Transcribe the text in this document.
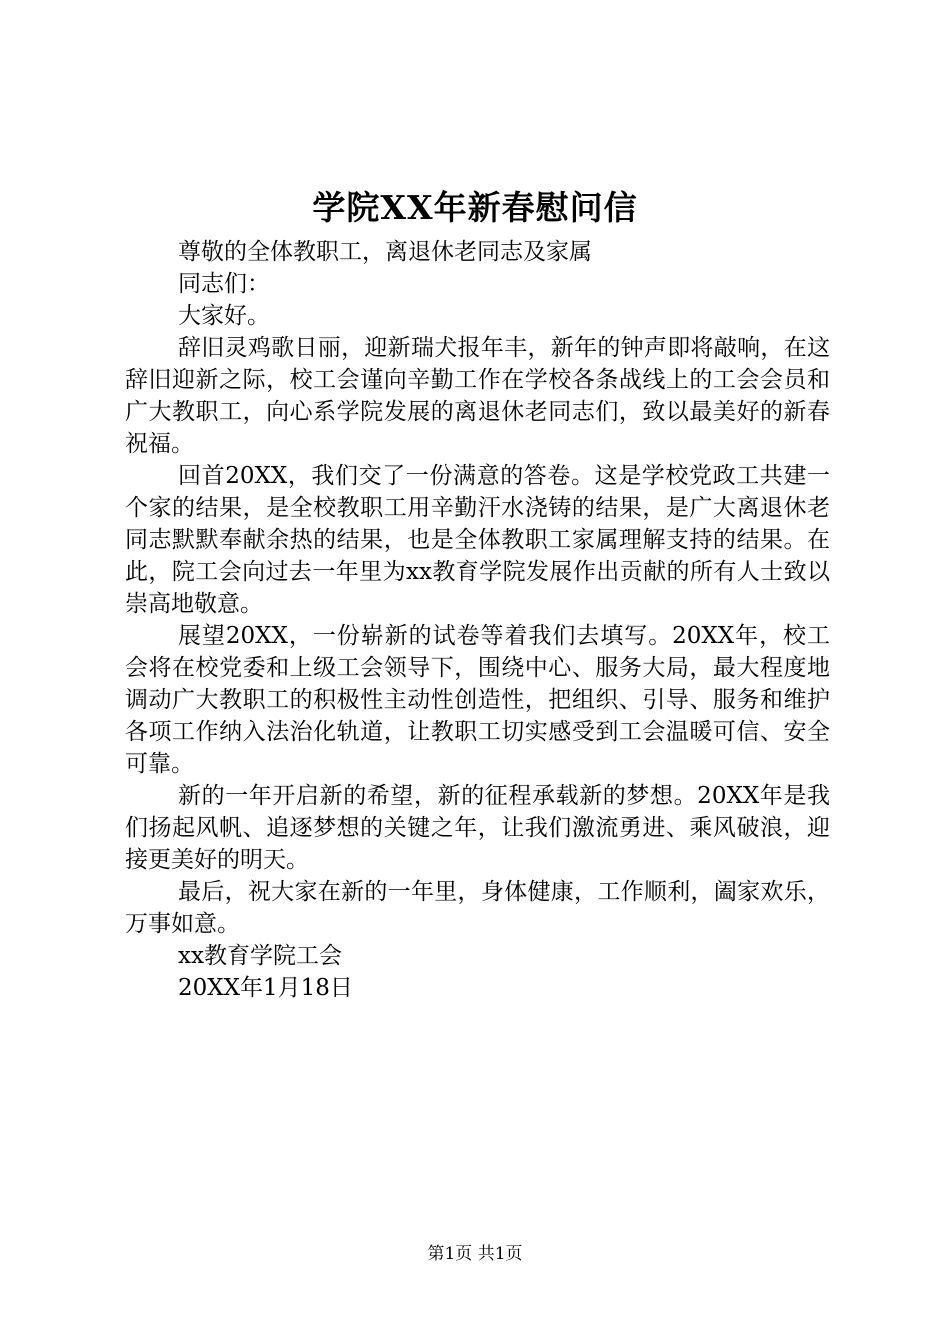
学院XX年新春慰问信

尊敬的全体教职工，离退休老同志及家属

同志们：

大家好。

辞旧灵鸡歌日丽，迎新瑞犬报年丰，新年的钟声即将敲响，在这辞旧迎新之际，校工会谨向辛勤工作在学校各条战线上的工会会员和广大教职工，向心系学院发展的离退休老同志们，致以最美好的新春祝福。

回首20XX，我们交了一份满意的答卷。这是学校党政工共建一个家的结果，是全校教职工用辛勤汗水浇铸的结果，是广大离退休老同志默默奉献余热的结果，也是全体教职工家属理解支持的结果。在此，院工会向过去一年里为xx教育学院发展作出贡献的所有人士致以崇高地敬意。

展望20XX，一份崭新的试卷等着我们去填写。20XX年，校工会将在校党委和上级工会领导下，围绕中心、服务大局，最大程度地调动广大教职工的积极性主动性创造性，把组织、引导、服务和维护各项工作纳入法治化轨道，让教职工切实感受到工会温暖可信、安全可靠。

新的一年开启新的希望，新的征程承载新的梦想。20XX年是我们扬起风帆、追逐梦想的关键之年，让我们激流勇进、乘风破浪，迎接更美好的明天。

最后，祝大家在新的一年里，身体健康，工作顺利，阖家欢乐，万事如意。

xx教育学院工会

20XX年1月18日

第1页 共1页
